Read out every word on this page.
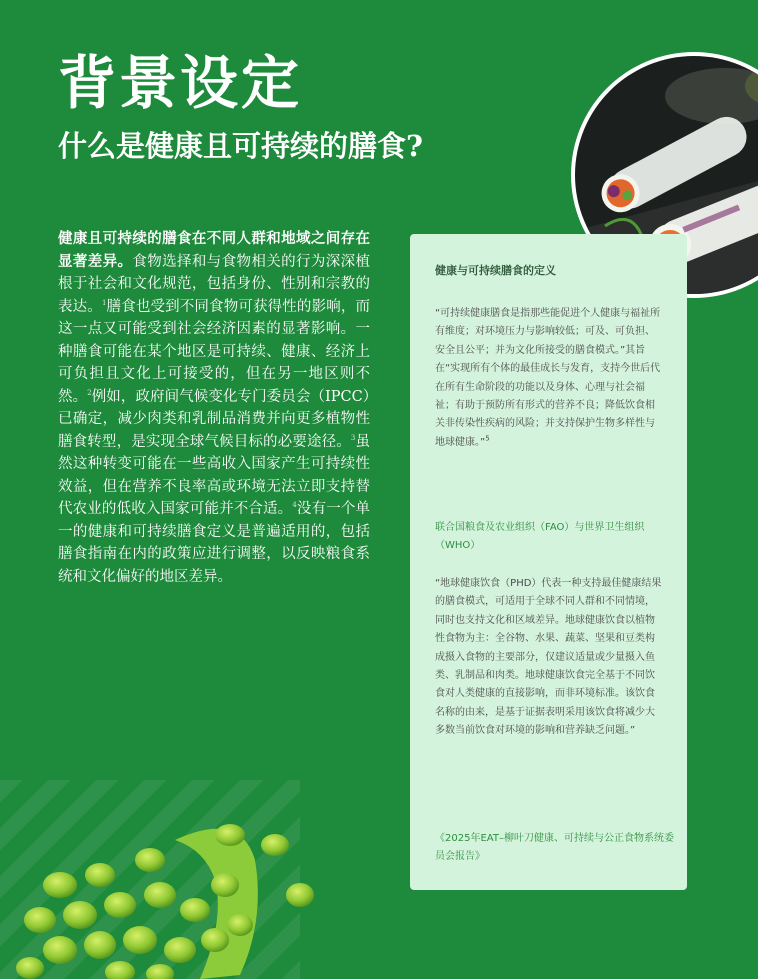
背景设定
什么是健康且可持续的膳食?
健康且可持续的膳食在不同人群和地域之间存在显著差异。食物选择和与食物相关的行为深深植根于社会和文化规范，包括身份、性别和宗教的表达。$^1$膳食也受到不同食物可获得性的影响，而这一点又可能受到社会经济因素的显著影响。一种膳食可能在某个地区是可持续、健康、经济上可负担且文化上可接受的，但在另一地区则不然。$^2$例如，政府间气候变化专门委员会（IPCC）已确定，减少肉类和乳制品消费并向更多植物性膳食转型，是实现全球气候目标的必要途径。$^3$虽然这种转变可能在一些高收入国家产生可持续性效益，但在营养不良率高或环境无法立即支持替代农业的低收入国家可能并不合适。$^4$没有一个单一的健康和可持续膳食定义是普遍适用的，包括膳食指南在内的政策应进行调整，以反映粮食系统和文化偏好的地区差异。
健康与可持续膳食的定义
“可持续健康膳食是指那些能促进个人健康与福祉所有维度；对环境压力与影响较低；可及、可负担、安全且公平；并为文化所接受的膳食模式。”其旨在“实现所有个体的最佳成长与发育，支持今世后代在所有生命阶段的功能以及身体、心理与社会福祉；有助于预防所有形式的营养不良；降低饮食相关非传染性疾病的风险；并支持保护生物多样性与地球健康。”$^5$
联合国粮食及农业组织（FAO）与世界卫生组织（WHO）
“地球健康饮食（PHD）代表一种支持最佳健康结果的膳食模式，可适用于全球不同人群和不同情境，同时也支持文化和区域差异。地球健康饮食以植物性食物为主：全谷物、水果、蔬菜、坚果和豆类构成摄入食物的主要部分，仅建议适量或少量摄入鱼类、乳制品和肉类。地球健康饮食完全基于不同饮食对人类健康的直接影响，而非环境标准。该饮食名称的由来，是基于证据表明采用该饮食将减少大多数当前饮食对环境的影响和营养缺乏问题。”
《2025年EAT–柳叶刀健康、可持续与公正食物系统委员会报告》
